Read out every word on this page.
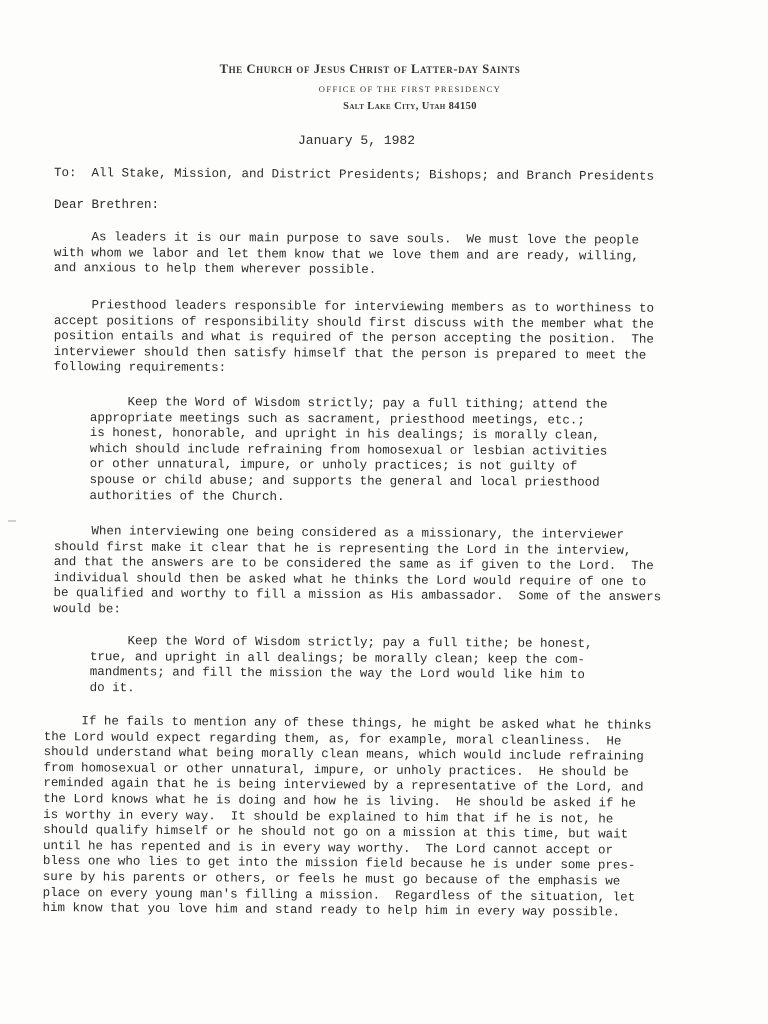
The Church of Jesus Christ of Latter-day Saints
OFFICE OF THE FIRST PRESIDENCY
Salt Lake City, Utah 84150
January 5, 1982
To:  All Stake, Mission, and District Presidents; Bishops; and Branch Presidents
Dear Brethren:
As leaders it is our main purpose to save souls.  We must love the people
with whom we labor and let them know that we love them and are ready, willing,
and anxious to help them wherever possible.
Priesthood leaders responsible for interviewing members as to worthiness to
accept positions of responsibility should first discuss with the member what the
position entails and what is required of the person accepting the position.  The
interviewer should then satisfy himself that the person is prepared to meet the
following requirements:
Keep the Word of Wisdom strictly; pay a full tithing; attend the
appropriate meetings such as sacrament, priesthood meetings, etc.;
is honest, honorable, and upright in his dealings; is morally clean,
which should include refraining from homosexual or lesbian activities
or other unnatural, impure, or unholy practices; is not guilty of
spouse or child abuse; and supports the general and local priesthood
authorities of the Church.
When interviewing one being considered as a missionary, the interviewer
should first make it clear that he is representing the Lord in the interview,
and that the answers are to be considered the same as if given to the Lord.  The
individual should then be asked what he thinks the Lord would require of one to
be qualified and worthy to fill a mission as His ambassador.  Some of the answers
would be:
Keep the Word of Wisdom strictly; pay a full tithe; be honest,
true, and upright in all dealings; be morally clean; keep the com-
mandments; and fill the mission the way the Lord would like him to
do it.
If he fails to mention any of these things, he might be asked what he thinks
the Lord would expect regarding them, as, for example, moral cleanliness.  He
should understand what being morally clean means, which would include refraining
from homosexual or other unnatural, impure, or unholy practices.  He should be
reminded again that he is being interviewed by a representative of the Lord, and
the Lord knows what he is doing and how he is living.  He should be asked if he
is worthy in every way.  It should be explained to him that if he is not, he
should qualify himself or he should not go on a mission at this time, but wait
until he has repented and is in every way worthy.  The Lord cannot accept or
bless one who lies to get into the mission field because he is under some pres-
sure by his parents or others, or feels he must go because of the emphasis we
place on every young man's filling a mission.  Regardless of the situation, let
him know that you love him and stand ready to help him in every way possible.
